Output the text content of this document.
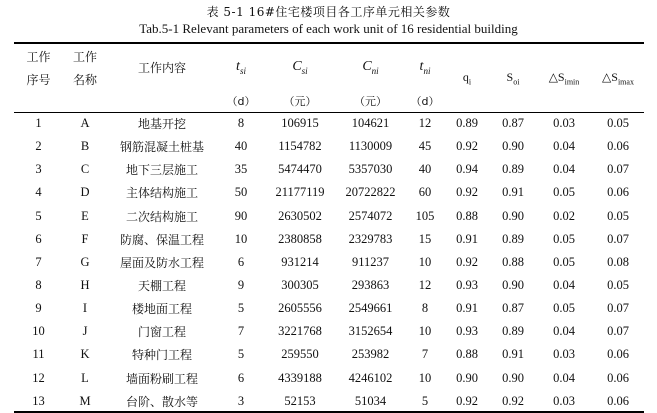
表 5-1 16#住宅楼项目各工序单元相关参数
Tab.5-1 Relevant parameters of each work unit of 16 residential building
工作	工作	工作内容	$t_{si}$	$C_{si}$	$C_{ni}$	$t_{ni}$	$q_i$	$S_{oi}$	$\triangle S_{imin}$	$\triangle S_{imax}$
序号	名称									
			（d）	（元）	（元）	（d）				
1	A	地基开挖	8	106915	104621	12	0.89	0.87	0.03	0.05
2	B	钢筋混凝土桩基	40	1154782	1130009	45	0.92	0.90	0.04	0.06
3	C	地下三层施工	35	5474470	5357030	40	0.94	0.89	0.04	0.07
4	D	主体结构施工	50	21177119	20722822	60	0.92	0.91	0.05	0.06
5	E	二次结构施工	90	2630502	2574072	105	0.88	0.90	0.02	0.05
6	F	防腐、保温工程	10	2380858	2329783	15	0.91	0.89	0.05	0.07
7	G	屋面及防水工程	6	931214	911237	10	0.92	0.88	0.05	0.08
8	H	天棚工程	9	300305	293863	12	0.93	0.90	0.04	0.05
9	I	楼地面工程	5	2605556	2549661	8	0.91	0.87	0.05	0.07
10	J	门窗工程	7	3221768	3152654	10	0.93	0.89	0.04	0.07
11	K	特种门工程	5	259550	253982	7	0.88	0.91	0.03	0.06
12	L	墙面粉刷工程	6	4339188	4246102	10	0.90	0.90	0.04	0.06
13	M	台阶、散水等	3	52153	51034	5	0.92	0.92	0.03	0.06
